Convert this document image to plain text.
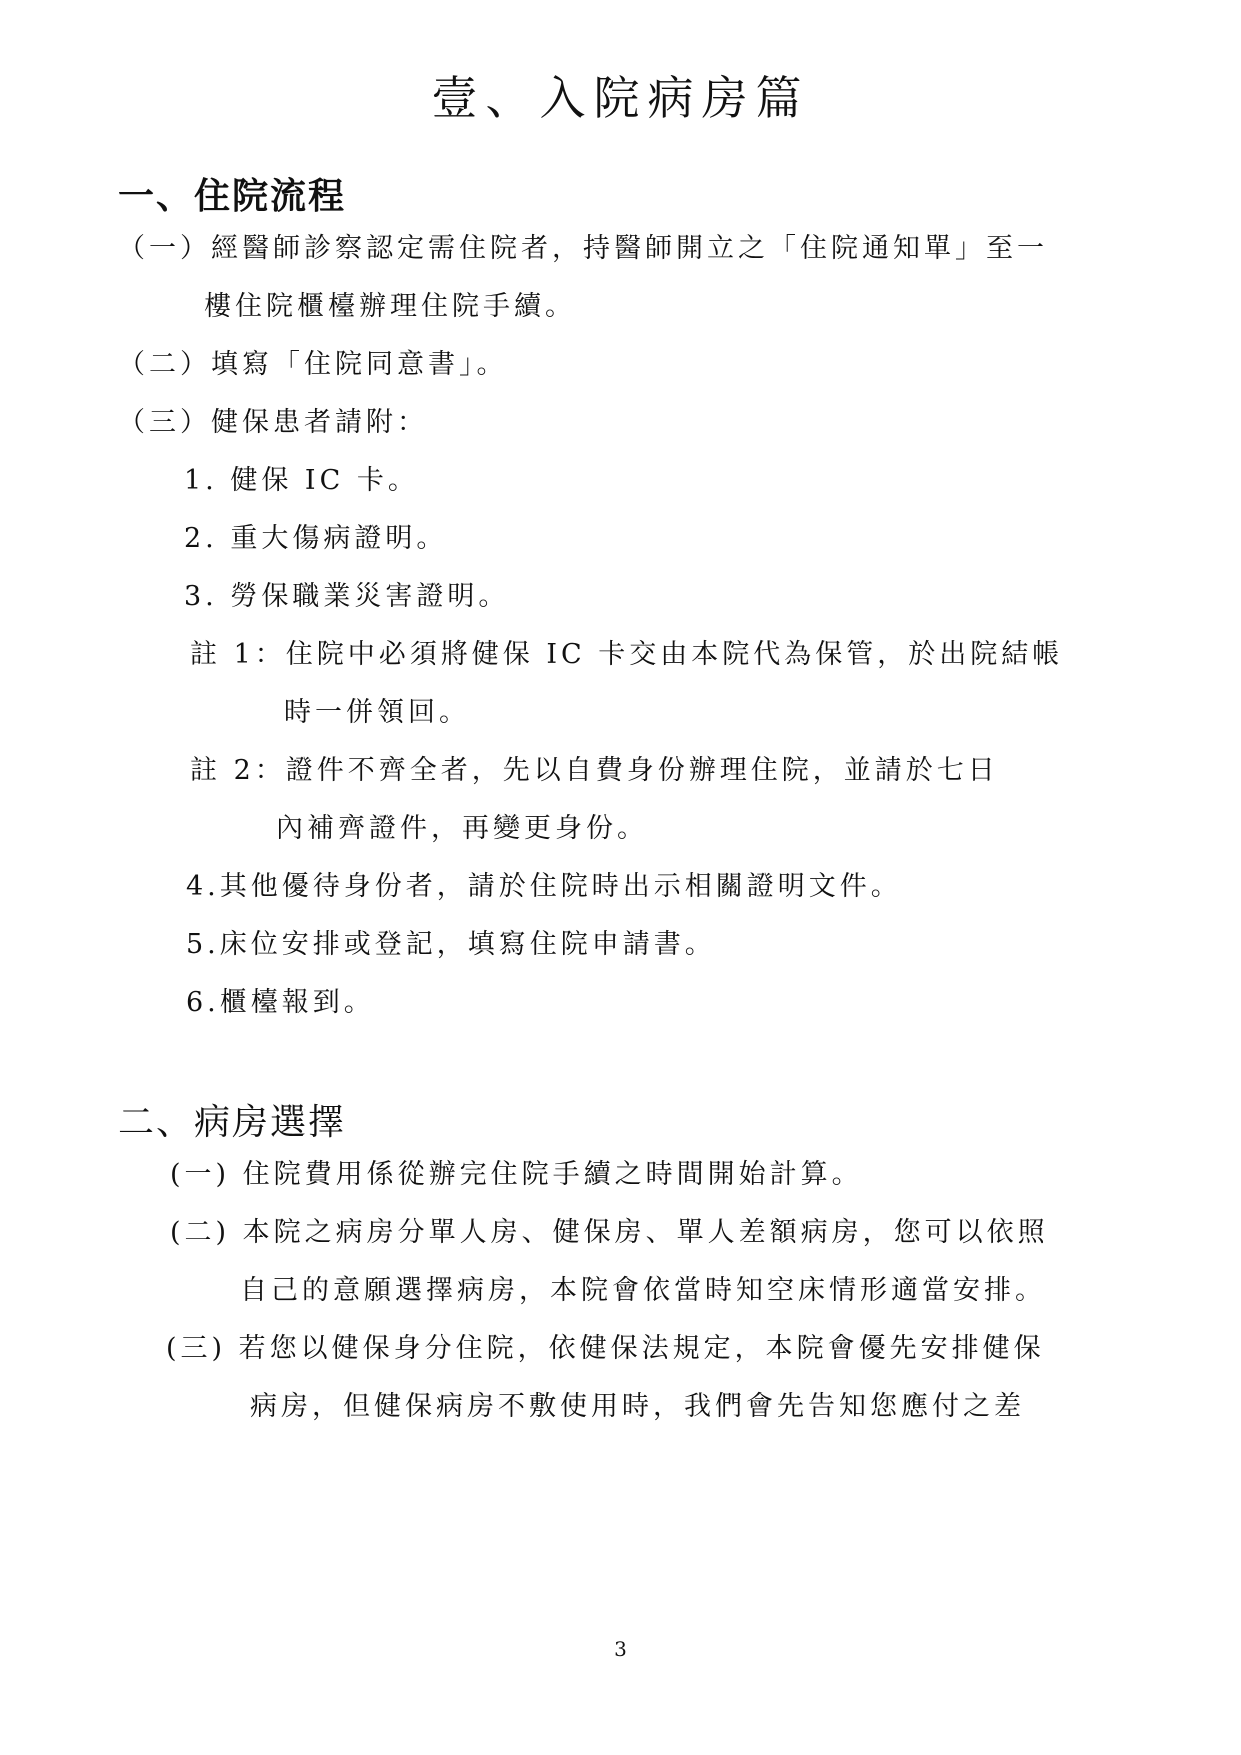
壹、入院病房篇
一、住院流程
（一）經醫師診察認定需住院者，持醫師開立之「住院通知單」至一
樓住院櫃檯辦理住院手續。
（二）填寫「住院同意書」。
（三）健保患者請附：
1. 健保 IC 卡。
2. 重大傷病證明。
3. 勞保職業災害證明。
註 1：住院中必須將健保 IC 卡交由本院代為保管，於出院結帳
時一併領回。
註 2：證件不齊全者，先以自費身份辦理住院，並請於七日
內補齊證件，再變更身份。
4.其他優待身份者，請於住院時出示相關證明文件。
5.床位安排或登記，填寫住院申請書。
6.櫃檯報到。
二、病房選擇
(一) 住院費用係從辦完住院手續之時間開始計算。
(二) 本院之病房分單人房、健保房、單人差額病房，您可以依照
自己的意願選擇病房，本院會依當時知空床情形適當安排。
(三) 若您以健保身分住院，依健保法規定，本院會優先安排健保
病房，但健保病房不敷使用時，我們會先告知您應付之差
3
